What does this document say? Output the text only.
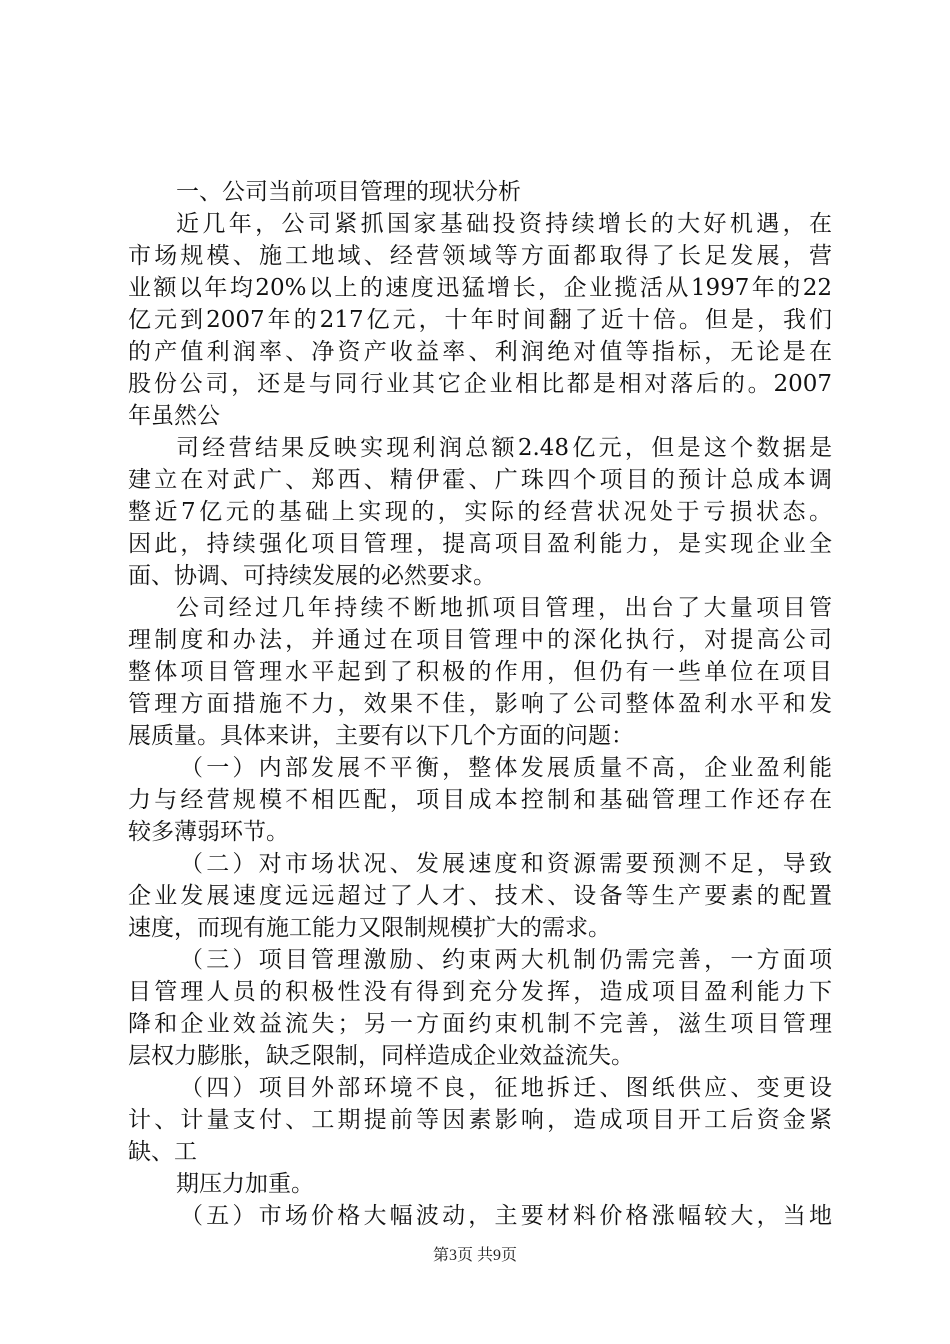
一、公司当前项目管理的现状分析
近几年，公司紧抓国家基础投资持续增长的大好机遇，在
市场规模、施工地域、经营领域等方面都取得了长足发展，营
业额以年均20%以上的速度迅猛增长，企业揽活从1997年的22
亿元到2007年的217亿元，十年时间翻了近十倍。但是，我们
的产值利润率、净资产收益率、利润绝对值等指标，无论是在
股份公司，还是与同行业其它企业相比都是相对落后的。2007
年虽然公
司经营结果反映实现利润总额2.48亿元，但是这个数据是
建立在对武广、郑西、精伊霍、广珠四个项目的预计总成本调
整近7亿元的基础上实现的，实际的经营状况处于亏损状态。
因此，持续强化项目管理，提高项目盈利能力，是实现企业全
面、协调、可持续发展的必然要求。
公司经过几年持续不断地抓项目管理，出台了大量项目管
理制度和办法，并通过在项目管理中的深化执行，对提高公司
整体项目管理水平起到了积极的作用，但仍有一些单位在项目
管理方面措施不力，效果不佳，影响了公司整体盈利水平和发
展质量。具体来讲，主要有以下几个方面的问题：
（一）内部发展不平衡，整体发展质量不高，企业盈利能
力与经营规模不相匹配，项目成本控制和基础管理工作还存在
较多薄弱环节。
（二）对市场状况、发展速度和资源需要预测不足，导致
企业发展速度远远超过了人才、技术、设备等生产要素的配置
速度，而现有施工能力又限制规模扩大的需求。
（三）项目管理激励、约束两大机制仍需完善，一方面项
目管理人员的积极性没有得到充分发挥，造成项目盈利能力下
降和企业效益流失；另一方面约束机制不完善，滋生项目管理
层权力膨胀，缺乏限制，同样造成企业效益流失。
（四）项目外部环境不良，征地拆迁、图纸供应、变更设
计、计量支付、工期提前等因素影响，造成项目开工后资金紧
缺、工
期压力加重。
（五）市场价格大幅波动，主要材料价格涨幅较大，当地
第3页 共9页
